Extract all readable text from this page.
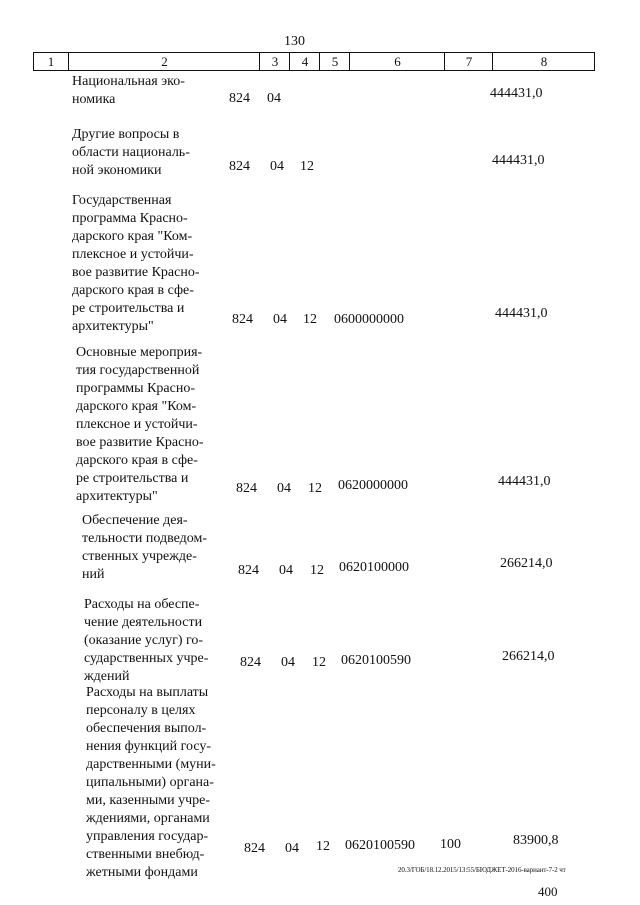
130
1	2	3	4	5	6	7	8
Национальная эко-
номика	824 04	444431,0
Другие вопросы в
области националь-
ной экономики	824 04 12	444431,0
Государственная
программа Красно-
дарского края "Ком-
плексное и устойчи-
вое развитие Красно-
дарского края в сфе-
ре строительства и
архитектуры"	824 04 12 0600000000	444431,0
Основные мероприя-
тия государственной
программы Красно-
дарского края "Ком-
плексное и устойчи-
вое развитие Красно-
дарского края в сфе-
ре строительства и
архитектуры"
824 04 12 0620000000	444431,0
Обеспечение дея-
тельности подведом-
ственных учрежде-
ний	824 04 12 0620100000	266214,0
Расходы на обеспе-
чение деятельности
(оказание услуг) го-
сударственных учре-
ждений
824 04 12 0620100590	266214,0
Расходы на выплаты
персоналу в целях
обеспечения выпол-
нения функций госу-
дарственными (муни-
ципальными) органа-
ми, казенными учре-
ждениями, органами
управления государ-
ственными внебюд-
жетными фондами
824 04 12 0620100590 100	83900,8
20.3/ГОБ/18.12.2015/13:55/БЮДЖЕТ-2016-вариант-7-2 чт
400
